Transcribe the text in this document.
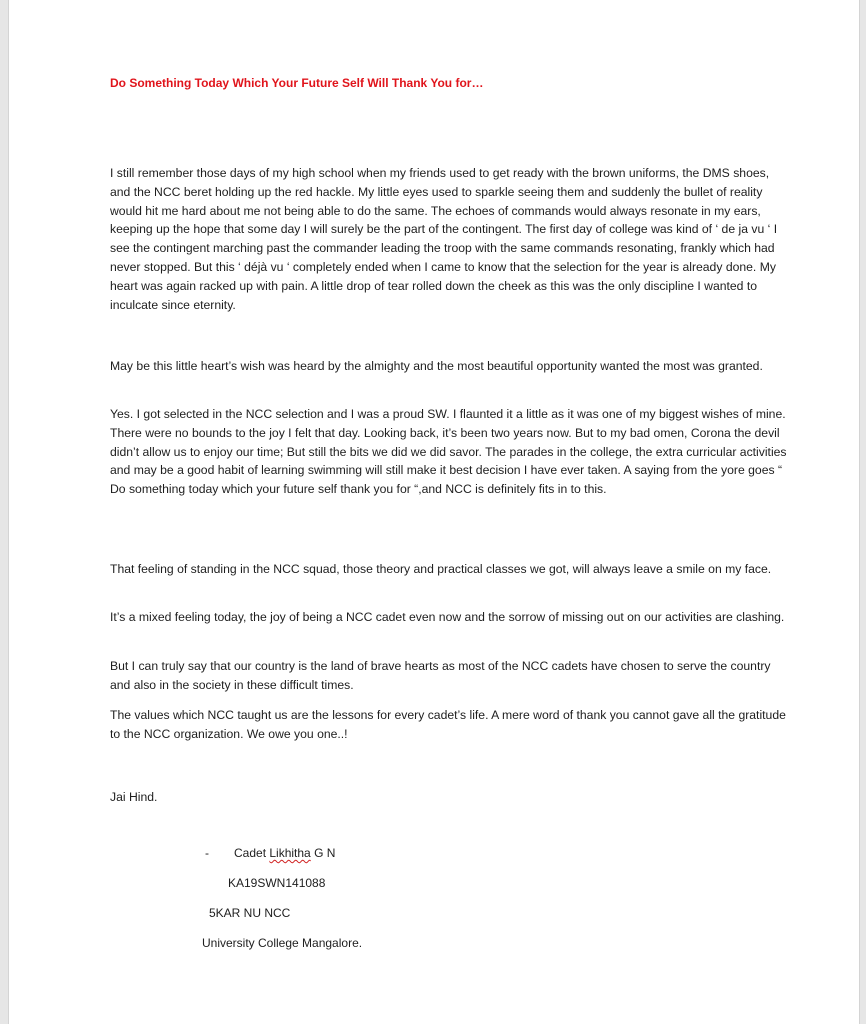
Do Something Today Which Your Future Self Will Thank You for…

I still remember those days of my high school when my friends used to get ready with the brown uniforms, the DMS shoes, and the NCC beret holding up the red hackle. My little eyes used to sparkle seeing them and suddenly the bullet of reality would hit me hard about me not being able to do the same. The echoes of commands would always resonate in my ears, keeping up the hope that some day I will surely be the part of the contingent. The first day of college was kind of ‘ de ja vu ‘ I see the contingent marching past the commander leading the troop with the same commands resonating, frankly which had never stopped. But this ‘ déjà vu ‘ completely ended when I came to know that the selection for the year is already done. My heart was again racked up with pain. A little drop of tear rolled down the cheek as this was the only discipline I wanted to inculcate since eternity.

May be this little heart’s wish was heard by the almighty and the most beautiful opportunity wanted the most was granted.

Yes. I got selected in the NCC selection and I was a proud SW. I flaunted it a little as it was one of my biggest wishes of mine. There were no bounds to the joy I felt that day. Looking back, it’s been two years now. But to my bad omen, Corona the devil didn’t allow us to enjoy our time; But still the bits we did we did savor. The parades in the college, the extra curricular activities and may be a good habit of learning swimming will still make it best decision I have ever taken. A saying from the yore goes “ Do something today which your future self thank you for “,and NCC is definitely fits in to this.

That feeling of standing in the NCC squad, those theory and practical classes we got, will always leave a smile on my face.

It’s a mixed feeling today, the joy of being a NCC cadet even now and the sorrow of missing out on our activities are clashing.

But I can truly say that our country is the land of brave hearts as most of the NCC cadets have chosen to serve the country and also in the society in these difficult times.

The values which NCC taught us are the lessons for every cadet’s life. A mere word of thank you cannot gave all the gratitude to the NCC organization. We owe you one..!

Jai Hind.

- Cadet Likhitha G N

KA19SWN141088

5KAR NU NCC

University College Mangalore.
